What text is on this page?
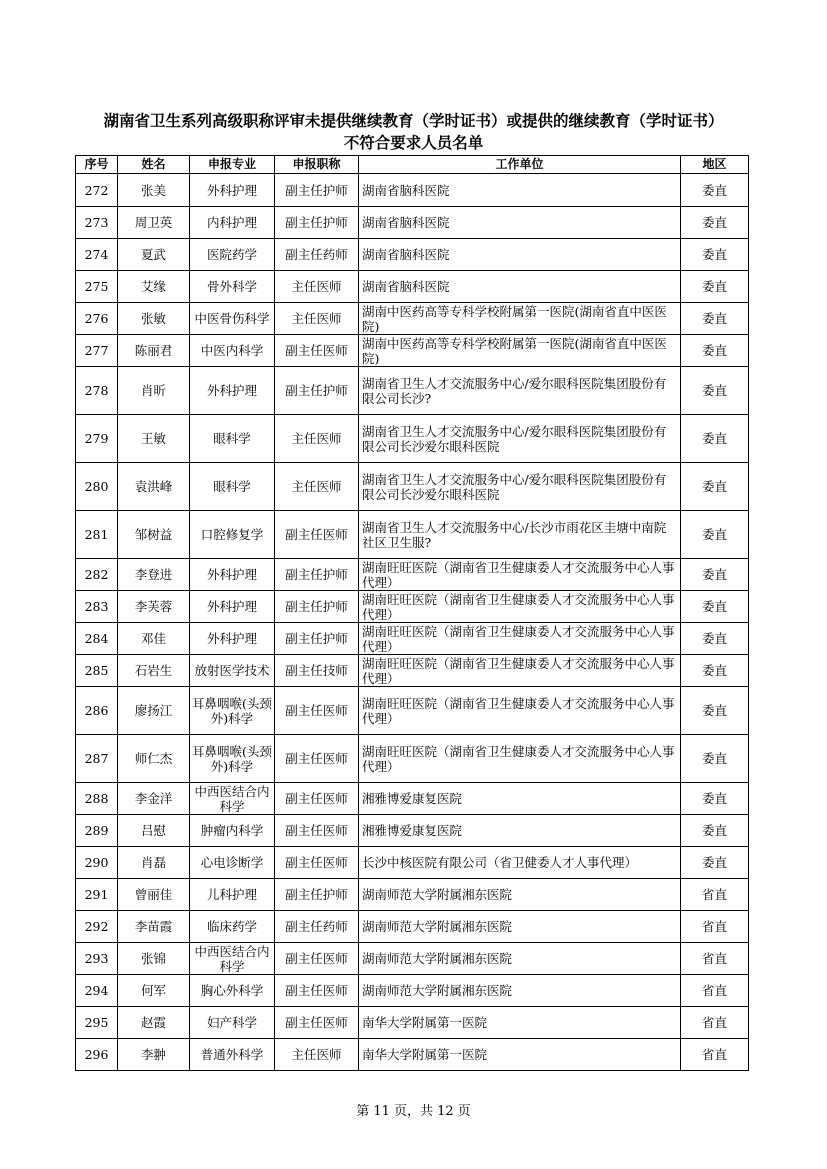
湖南省卫生系列高级职称评审未提供继续教育（学时证书）或提供的继续教育（学时证书）
不符合要求人员名单
序号	姓名	申报专业	申报职称	工作单位	地区
272	张美	外科护理	副主任护师	湖南省脑科医院	委直
273	周卫英	内科护理	副主任护师	湖南省脑科医院	委直
274	夏武	医院药学	副主任药师	湖南省脑科医院	委直
275	艾缘	骨外科学	主任医师	湖南省脑科医院	委直
276	张敏	中医骨伤科学	主任医师	湖南中医药高等专科学校附属第一医院(湖南省直中医医院)	委直
277	陈丽君	中医内科学	副主任医师	湖南中医药高等专科学校附属第一医院(湖南省直中医医院)	委直
278	肖昕	外科护理	副主任护师	湖南省卫生人才交流服务中心/爱尔眼科医院集团股份有限公司长沙?	委直
279	王敏	眼科学	主任医师	湖南省卫生人才交流服务中心/爱尔眼科医院集团股份有限公司长沙爱尔眼科医院	委直
280	袁洪峰	眼科学	主任医师	湖南省卫生人才交流服务中心/爱尔眼科医院集团股份有限公司长沙爱尔眼科医院	委直
281	邹树益	口腔修复学	副主任医师	湖南省卫生人才交流服务中心/长沙市雨花区圭塘中南院社区卫生服?	委直
282	李登进	外科护理	副主任护师	湖南旺旺医院（湖南省卫生健康委人才交流服务中心人事代理）	委直
283	李芙蓉	外科护理	副主任护师	湖南旺旺医院（湖南省卫生健康委人才交流服务中心人事代理）	委直
284	邓佳	外科护理	副主任护师	湖南旺旺医院（湖南省卫生健康委人才交流服务中心人事代理）	委直
285	石岩生	放射医学技术	副主任技师	湖南旺旺医院（湖南省卫生健康委人才交流服务中心人事代理）	委直
286	廖扬江	耳鼻咽喉(头颈外)科学	副主任医师	湖南旺旺医院（湖南省卫生健康委人才交流服务中心人事代理）	委直
287	师仁杰	耳鼻咽喉(头颈外)科学	副主任医师	湖南旺旺医院（湖南省卫生健康委人才交流服务中心人事代理）	委直
288	李金洋	中西医结合内科学	副主任医师	湘雅博爱康复医院	委直
289	吕慰	肿瘤内科学	副主任医师	湘雅博爱康复医院	委直
290	肖磊	心电诊断学	副主任医师	长沙中核医院有限公司（省卫健委人才人事代理）	委直
291	曾丽佳	儿科护理	副主任护师	湖南师范大学附属湘东医院	省直
292	李苗霞	临床药学	副主任药师	湖南师范大学附属湘东医院	省直
293	张锦	中西医结合内科学	副主任医师	湖南师范大学附属湘东医院	省直
294	何军	胸心外科学	副主任医师	湖南师范大学附属湘东医院	省直
295	赵霞	妇产科学	副主任医师	南华大学附属第一医院	省直
296	李翀	普通外科学	主任医师	南华大学附属第一医院	省直
第 11 页，共 12 页
